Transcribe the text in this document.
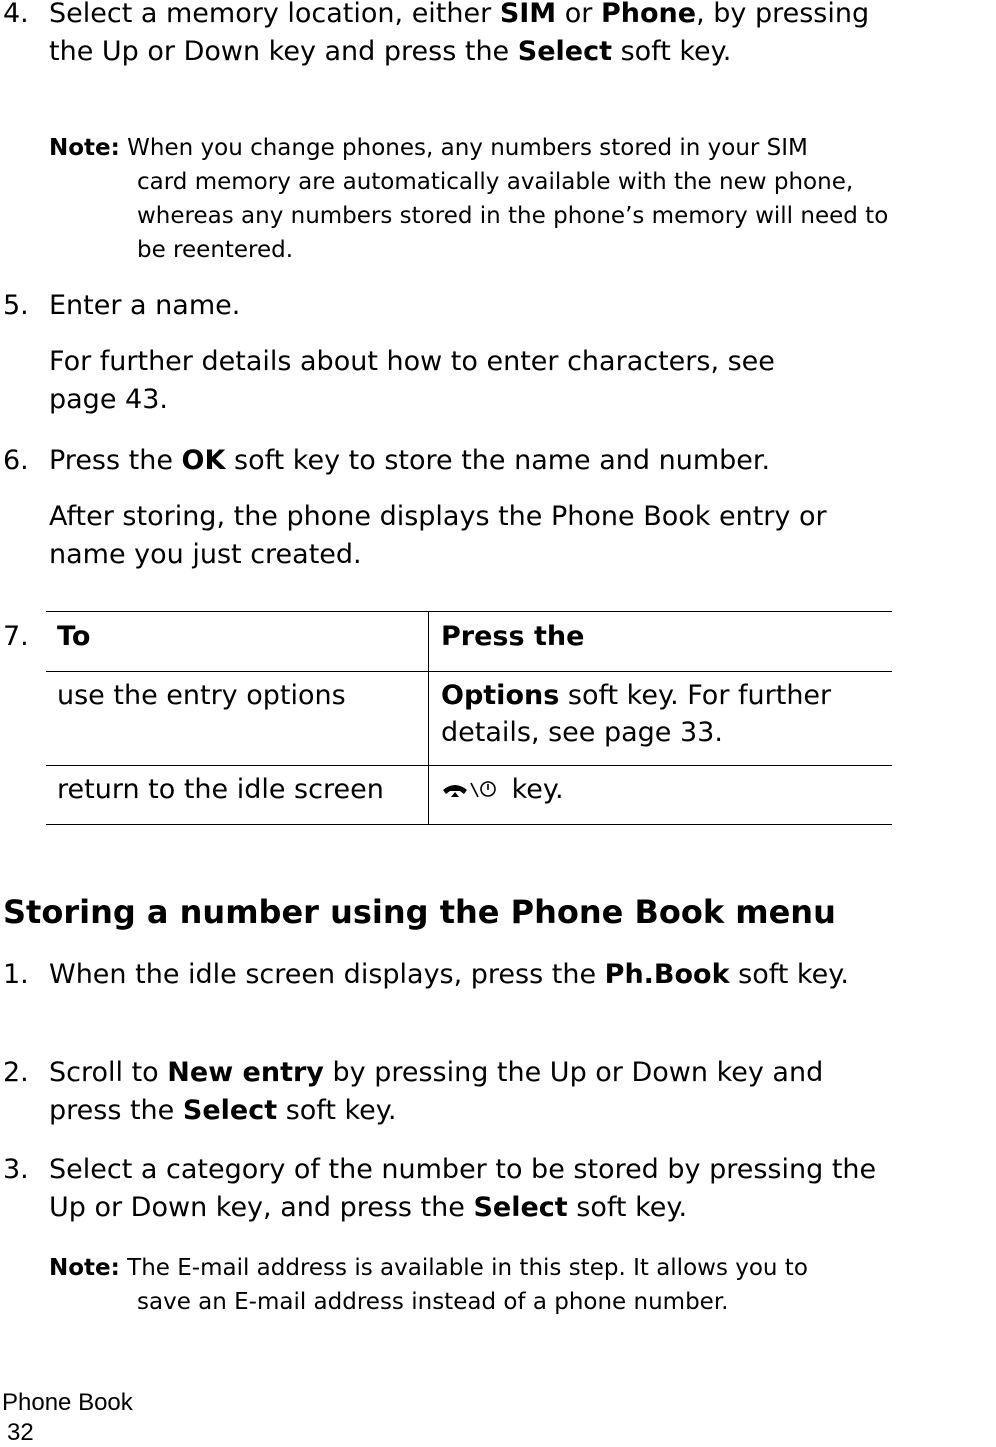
4. Select a memory location, either SIM or Phone, by pressing the Up or Down key and press the Select soft key.
Note: When you change phones, any numbers stored in your SIM
card memory are automatically available with the new phone, whereas any numbers stored in the phone’s memory will need to be reentered.
5. Enter a name.
For further details about how to enter characters, see page 43.
6. Press the OK soft key to store the name and number.
After storing, the phone displays the Phone Book entry or name you just created.
7. To	Press the
use the entry options	Options soft key. For further details, see page 33.
return to the idle screen	key.
Storing a number using the Phone Book menu
1. When the idle screen displays, press the Ph.Book soft key.
2. Scroll to New entry by pressing the Up or Down key and press the Select soft key.
3. Select a category of the number to be stored by pressing the Up or Down key, and press the Select soft key.
Note: The E-mail address is available in this step. It allows you to
save an E-mail address instead of a phone number.
Phone Book
32
